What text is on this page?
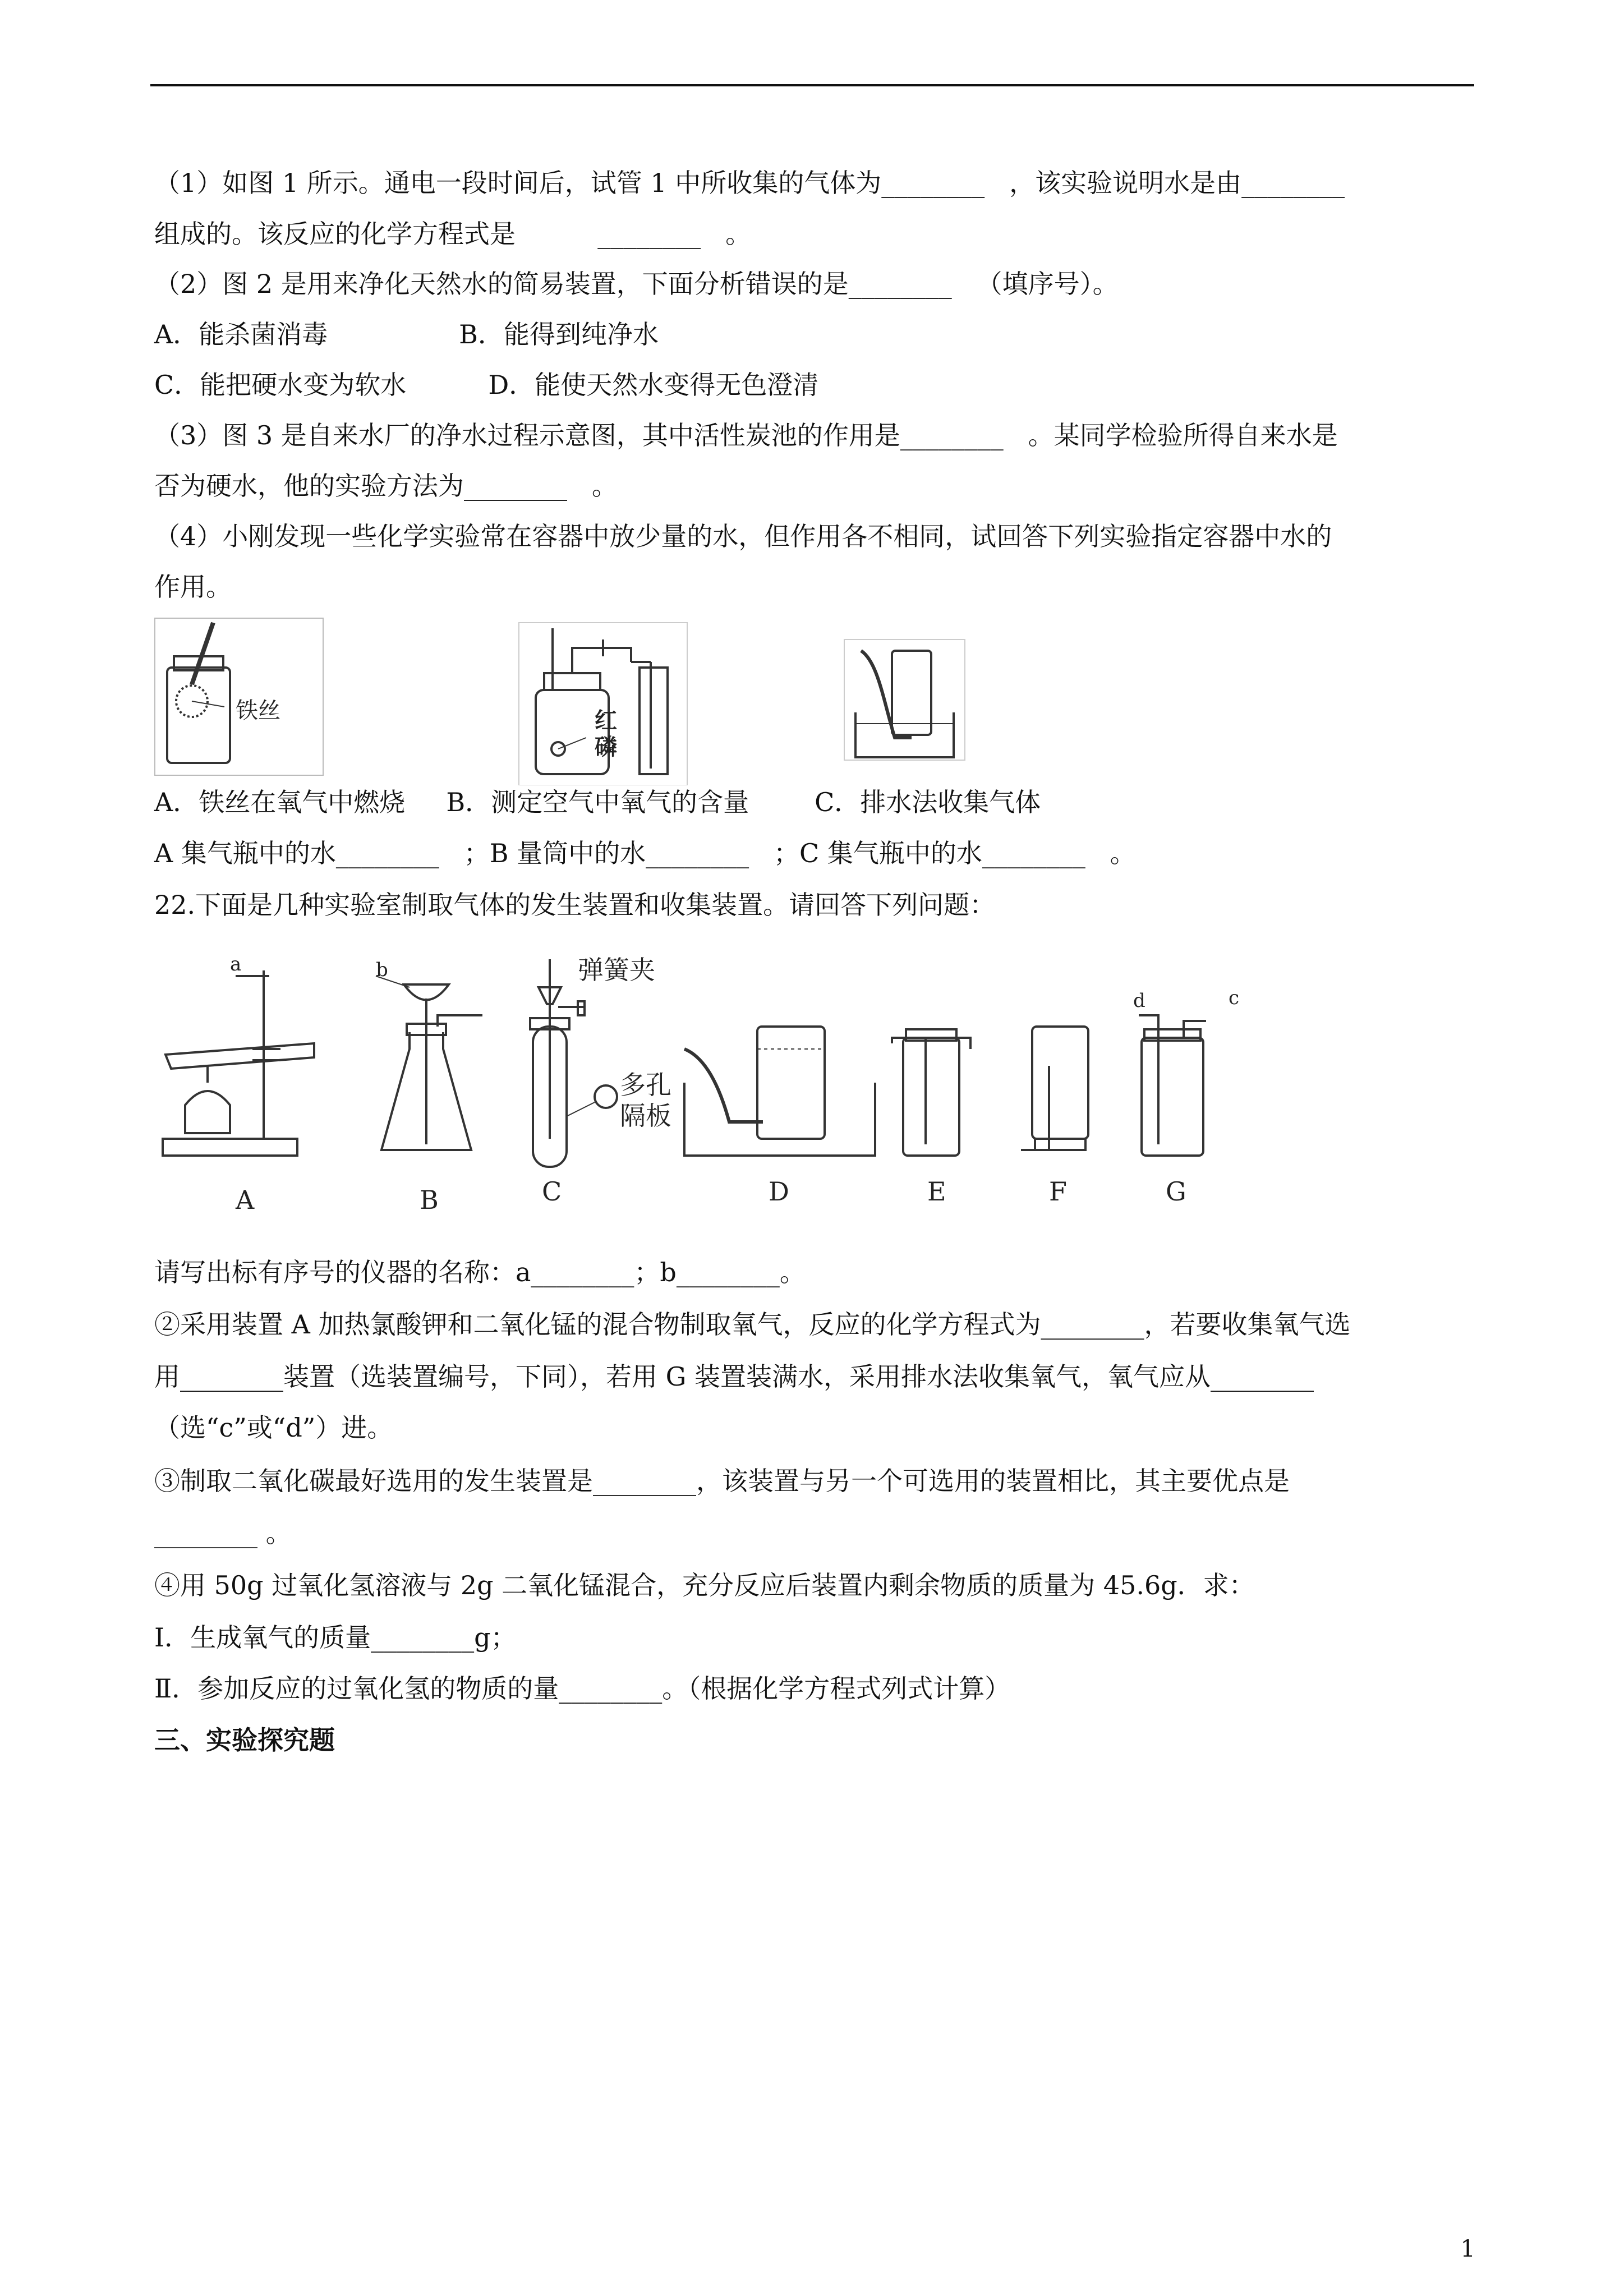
（1）如图 1 所示。通电一段时间后，试管 1 中所收集的气体为________   ，该实验说明水是由________
组成的。该反应的化学方程式是          ________   。
（2）图 2 是用来净化天然水的简易装置，下面分析错误的是________   （填序号）。
A．能杀菌消毒                B．能得到纯净水
C．能把硬水变为软水          D．能使天然水变得无色澄清
（3）图 3 是自来水厂的净水过程示意图，其中活性炭池的作用是________   。某同学检验所得自来水是
否为硬水，他的实验方法为________   。
（4）小刚发现一些化学实验常在容器中放少量的水，但作用各不相同，试回答下列实验指定容器中水的
作用。
铁丝	红
磷
A．铁丝在氧气中燃烧     B．测定空气中氧气的含量        C．排水法收集气体
A 集气瓶中的水________   ；B 量筒中的水________   ；C 集气瓶中的水________   。
22.下面是几种实验室制取气体的发生装置和收集装置。请回答下列问题：
a	b	弹簧夹
多孔
隔板
d	c
A	B	C	D	E	F	G
请写出标有序号的仪器的名称：a________；b________。
②采用装置 A 加热氯酸钾和二氧化锰的混合物制取氧气，反应的化学方程式为________，若要收集氧气选
用________装置（选装置编号，下同），若用 G 装置装满水，采用排水法收集氧气，氧气应从________
（选“c”或“d”）进。
③制取二氧化碳最好选用的发生装置是________，该装置与另一个可选用的装置相比，其主要优点是
________ 。
④用 50g 过氧化氢溶液与 2g 二氧化锰混合，充分反应后装置内剩余物质的质量为 45.6g．求：
Ⅰ．生成氧气的质量________g；
Ⅱ．参加反应的过氧化氢的物质的量________。（根据化学方程式列式计算）
三、实验探究题
1
